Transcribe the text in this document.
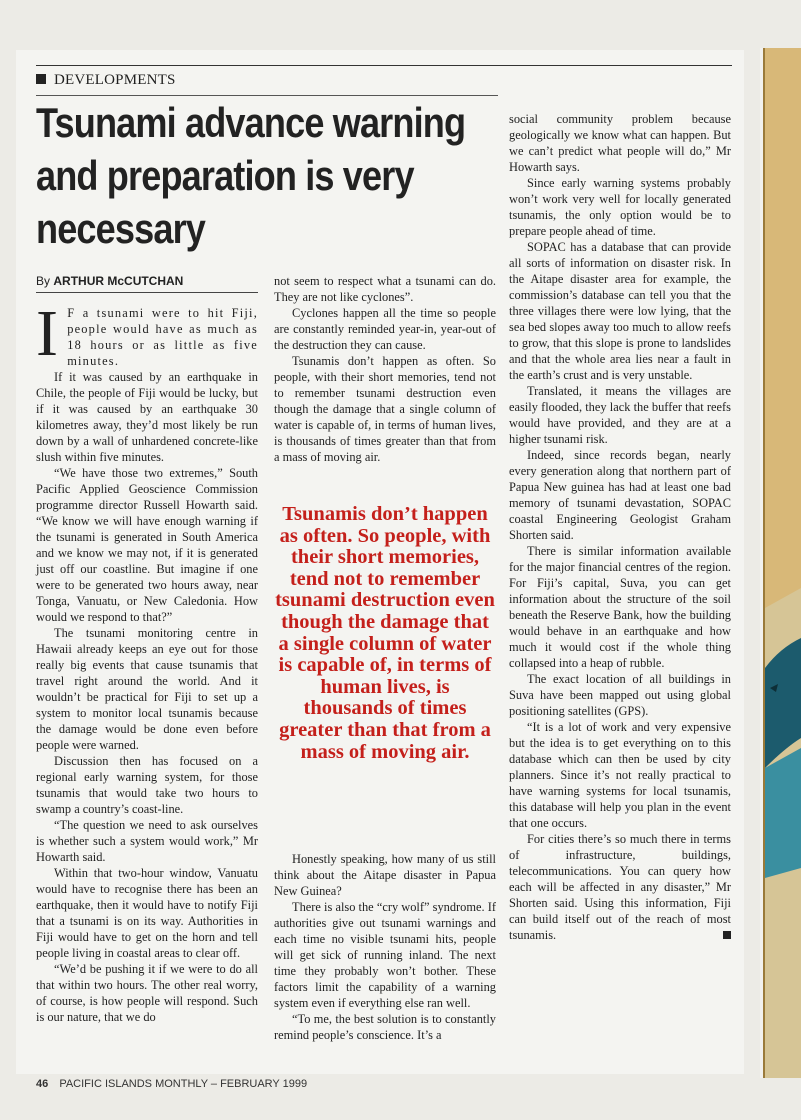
DEVELOPMENTS
Tsunami advance warning
and preparation is very
necessary
By ARTHUR McCUTCHAN

I F a tsunami were to hit Fiji, people would have as much as 18 hours or as little as five minutes.

If it was caused by an earthquake in Chile, the people of Fiji would be lucky, but if it was caused by an earthquake 30 kilometres away, they’d most likely be run down by a wall of unhardened concrete-like slush within five minutes.

“We have those two extremes,” South Pacific Applied Geoscience Commission programme director Russell Howarth said. “We know we will have enough warning if the tsunami is generated in South America and we know we may not, if it is generated just off our coastline. But imagine if one were to be generated two hours away, near Tonga, Vanuatu, or New Caledonia. How would we respond to that?”

The tsunami monitoring centre in Hawaii already keeps an eye out for those really big events that cause tsunamis that travel right around the world. And it wouldn’t be practical for Fiji to set up a system to monitor local tsunamis because the damage would be done even before people were warned.

Discussion then has focused on a regional early warning system, for those tsunamis that would take two hours to swamp a country’s coast-line.

“The question we need to ask ourselves is whether such a system would work,” Mr Howarth said.

Within that two-hour window, Vanuatu would have to recognise there has been an earthquake, then it would have to notify Fiji that a tsunami is on its way. Authorities in Fiji would have to get on the horn and tell people living in coastal areas to clear off.

“We’d be pushing it if we were to do all that within two hours. The other real worry, of course, is how people will respond. Such is our nature, that we do

not seem to respect what a tsunami can do. They are not like cyclones”.

Cyclones happen all the time so people are constantly reminded year-in, year-out of the destruction they can cause.

Tsunamis don’t happen as often. So people, with their short memories, tend not to remember tsunami destruction even though the damage that a single column of water is capable of, in terms of human lives, is thousands of times greater than that from a mass of moving air.

Tsunamis don’t happen as often. So people, with their short memories, tend not to remember tsunami destruction even though the damage that a single column of water is capable of, in terms of human lives, is thousands of times greater than that from a mass of moving air.

Honestly speaking, how many of us still think about the Aitape disaster in Papua New Guinea?

There is also the “cry wolf” syndrome. If authorities give out tsunami warnings and each time no visible tsunami hits, people will get sick of running inland. The next time they probably won’t bother. These factors limit the capability of a warning system even if everything else ran well.

“To me, the best solution is to constantly remind people’s conscience. It’s a

social community problem because geologically we know what can happen. But we can’t predict what people will do,” Mr Howarth says.

Since early warning systems probably won’t work very well for locally generated tsunamis, the only option would be to prepare people ahead of time.

SOPAC has a database that can provide all sorts of information on disaster risk. In the Aitape disaster area for example, the commission’s database can tell you that the three villages there were low lying, that the sea bed slopes away too much to allow reefs to grow, that this slope is prone to landslides and that the whole area lies near a fault in the earth’s crust and is very unstable.

Translated, it means the villages are easily flooded, they lack the buffer that reefs would have provided, and they are at a higher tsunami risk.

Indeed, since records began, nearly every generation along that northern part of Papua New guinea has had at least one bad memory of tsunami devastation, SOPAC coastal Engineering Geologist Graham Shorten said.

There is similar information available for the major financial centres of the region. For Fiji’s capital, Suva, you can get information about the structure of the soil beneath the Reserve Bank, how the building would behave in an earthquake and how much it would cost if the whole thing collapsed into a heap of rubble.

The exact location of all buildings in Suva have been mapped out using global positioning satellites (GPS).

“It is a lot of work and very expensive but the idea is to get everything on to this database which can then be used by city planners. Since it’s not really practical to have warning systems for local tsunamis, this database will help you plan in the event that one occurs.

For cities there’s so much there in terms of infrastructure, buildings, telecommunications. You can query how each will be affected in any disaster,” Mr Shorten said. Using this information, Fiji can build itself out of the reach of most tsunamis.

46 PACIFIC ISLANDS MONTHLY – FEBRUARY 1999
